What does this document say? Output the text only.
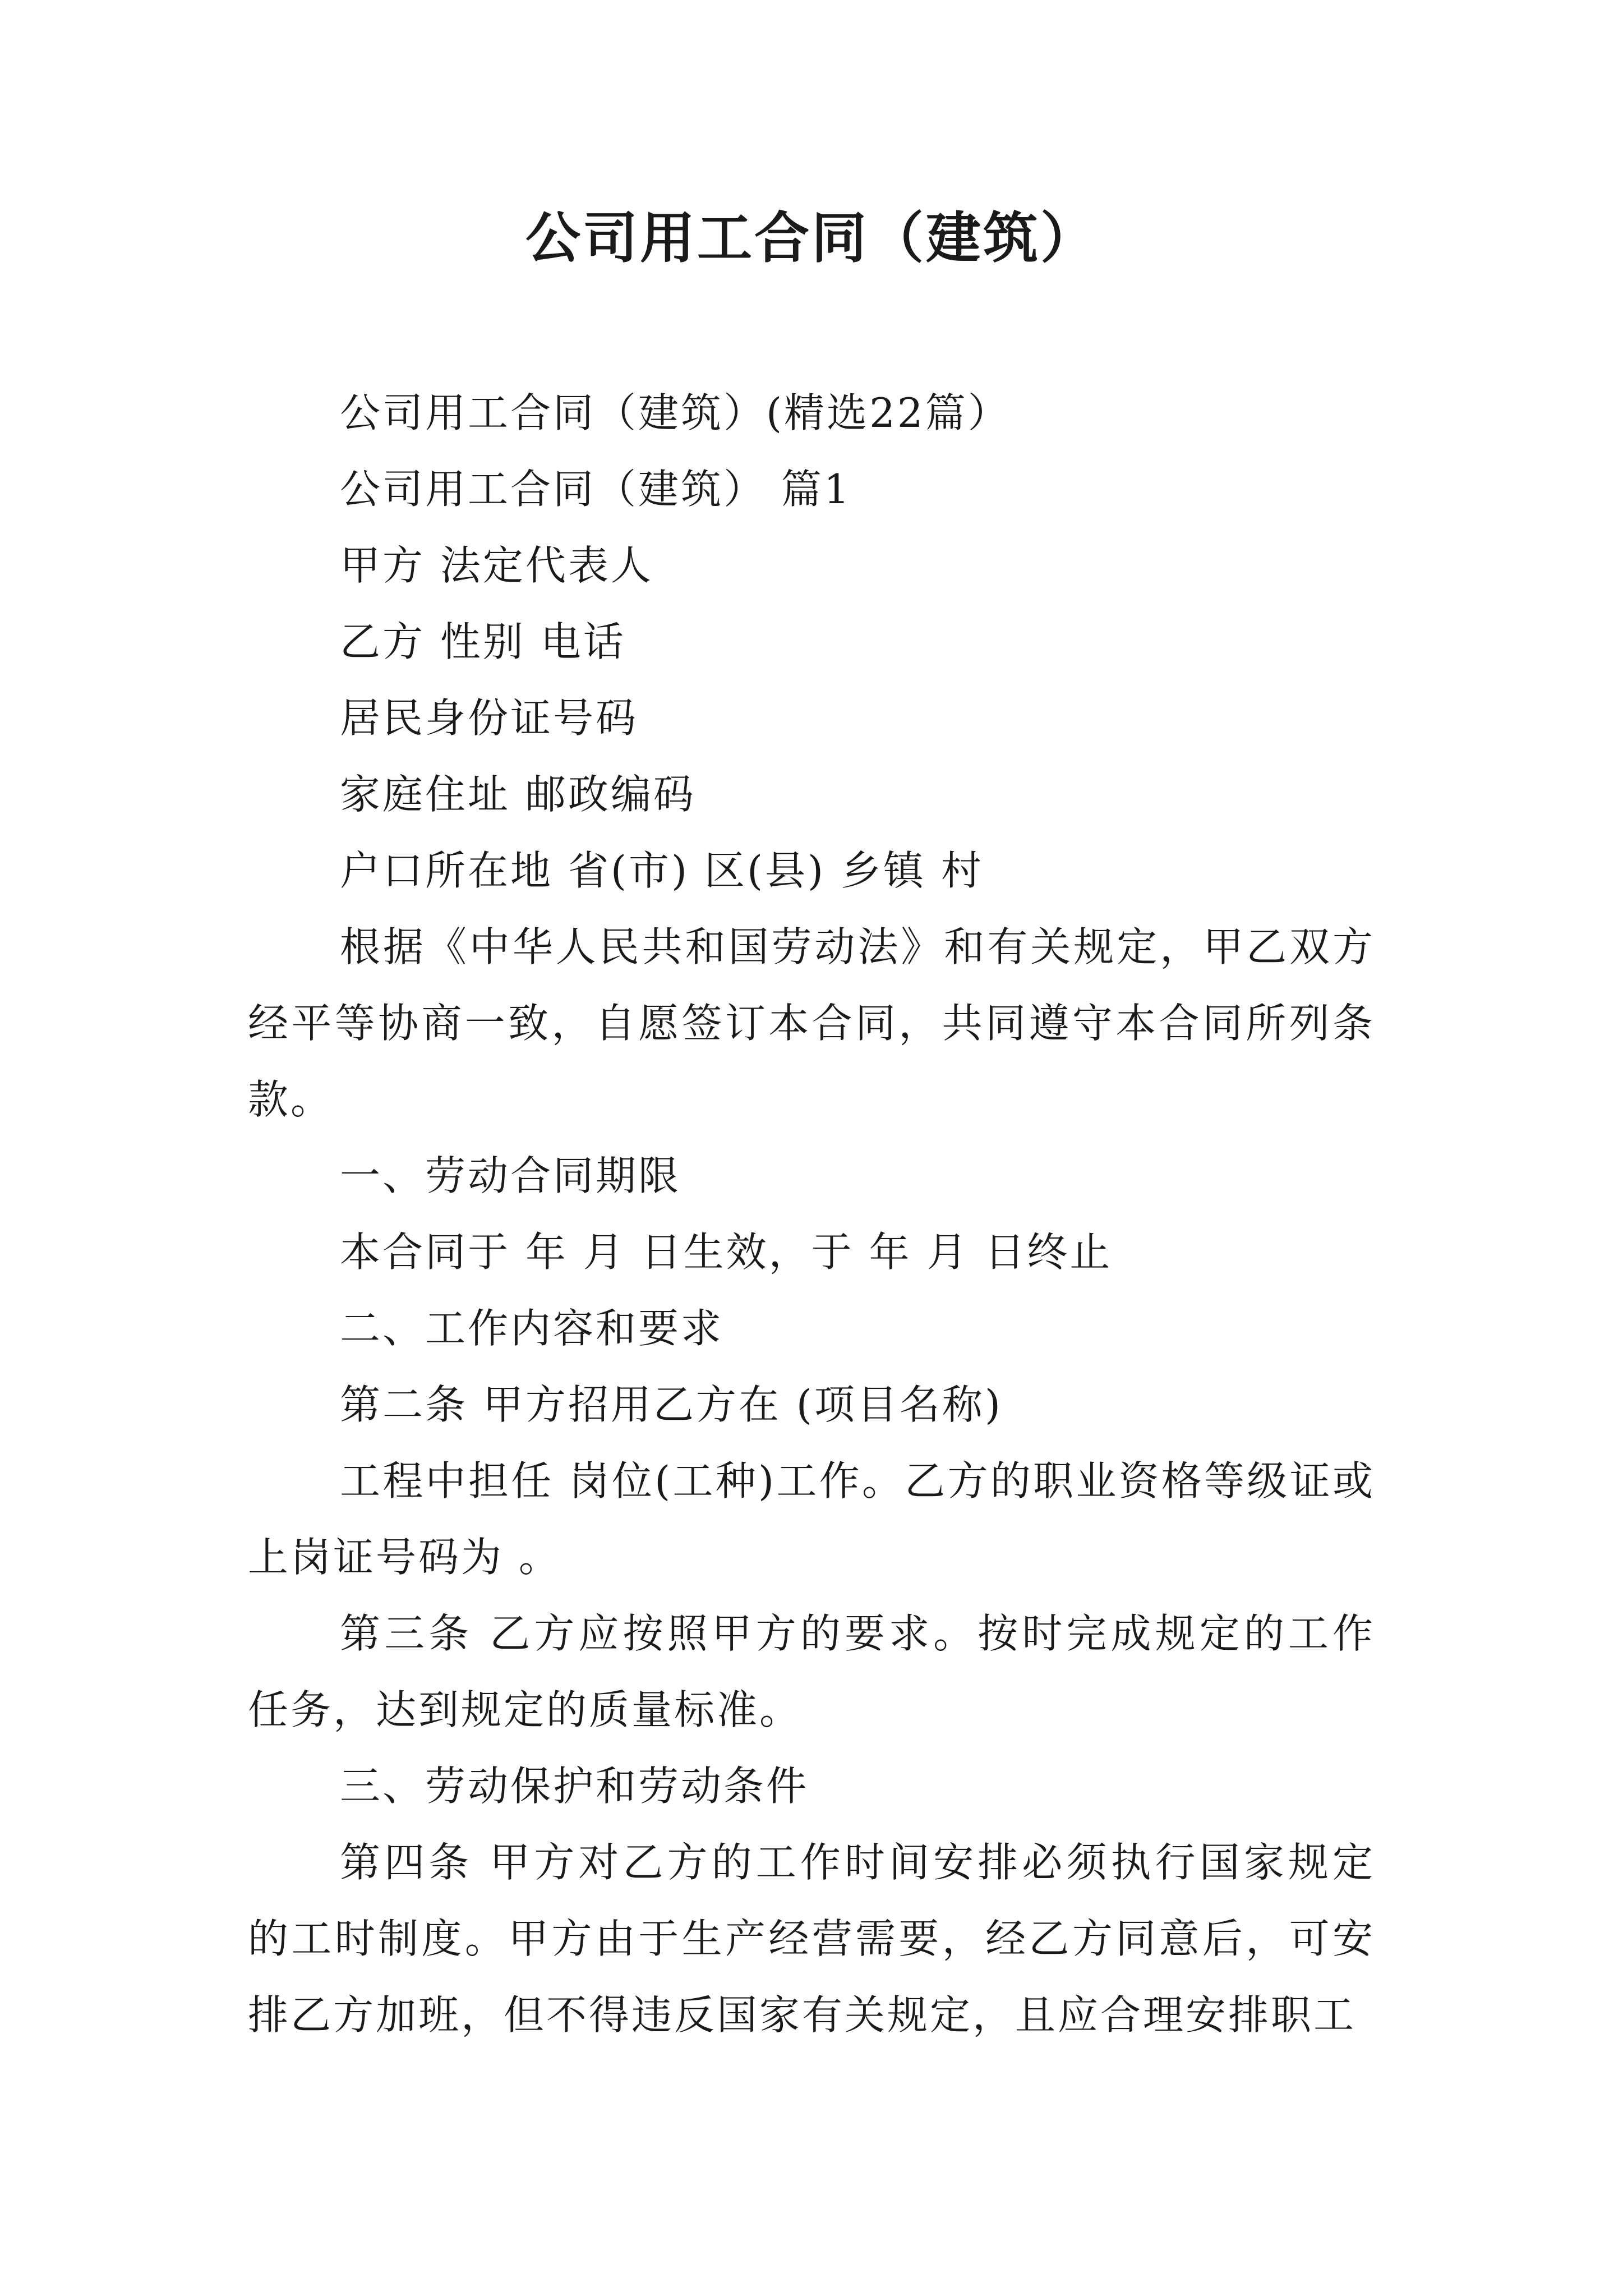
公司用工合同（建筑）

公司用工合同（建筑）(精选22篇）

公司用工合同（建筑） 篇1

甲方 法定代表人

乙方 性别 电话

居民身份证号码

家庭住址 邮政编码

户口所在地 省(市) 区(县) 乡镇 村

根据《中华人民共和国劳动法》和有关规定，甲乙双方经平等协商一致，自愿签订本合同，共同遵守本合同所列条款。

一、劳动合同期限

本合同于 年 月 日生效，于 年 月 日终止

二、工作内容和要求

第二条 甲方招用乙方在 (项目名称)

工程中担任 岗位(工种)工作。乙方的职业资格等级证或上岗证号码为 。

第三条 乙方应按照甲方的要求。按时完成规定的工作任务，达到规定的质量标准。

三、劳动保护和劳动条件

第四条 甲方对乙方的工作时间安排必须执行国家规定的工时制度。甲方由于生产经营需要，经乙方同意后，可安排乙方加班，但不得违反国家有关规定，且应合理安排职工
